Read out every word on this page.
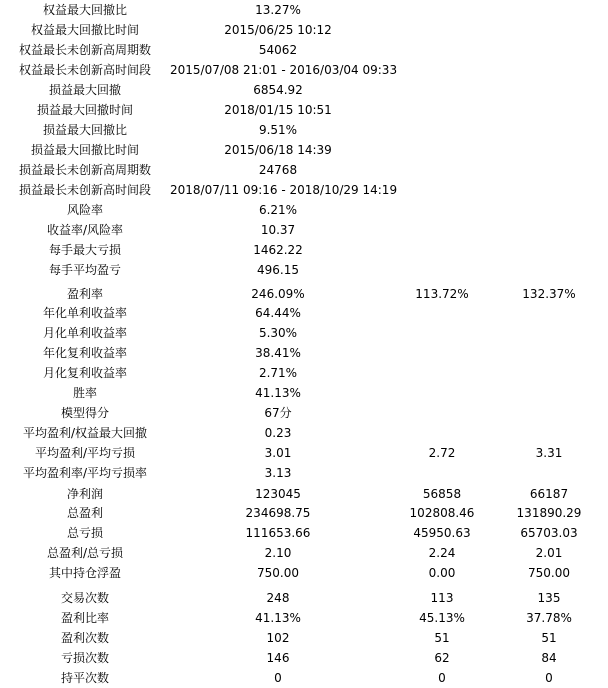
权益最大回撤比	13.27%
权益最大回撤比时间	2015/06/25 10:12
权益最长未创新高周期数	54062
权益最长未创新高时间段	2015/07/08 21:01 - 2016/03/04 09:33
损益最大回撤	6854.92
损益最大回撤时间	2018/01/15 10:51
损益最大回撤比	9.51%
损益最大回撤比时间	2015/06/18 14:39
损益最长未创新高周期数	24768
损益最长未创新高时间段	2018/07/11 09:16 - 2018/10/29 14:19
风险率	6.21%
收益率/风险率	10.37
每手最大亏损	1462.22
每手平均盈亏	496.15
盈利率	246.09%	113.72%	132.37%
年化单利收益率	64.44%
月化单利收益率	5.30%
年化复利收益率	38.41%
月化复利收益率	2.71%
胜率	41.13%
模型得分	67分
平均盈利/权益最大回撤	0.23
平均盈利/平均亏损	3.01	2.72	3.31
平均盈利率/平均亏损率	3.13
净利润	123045	56858	66187
总盈利	234698.75	102808.46	131890.29
总亏损	111653.66	45950.63	65703.03
总盈利/总亏损	2.10	2.24	2.01
其中持仓浮盈	750.00	0.00	750.00
交易次数	248	113	135
盈利比率	41.13%	45.13%	37.78%
盈利次数	102	51	51
亏损次数	146	62	84
持平次数	0	0	0
